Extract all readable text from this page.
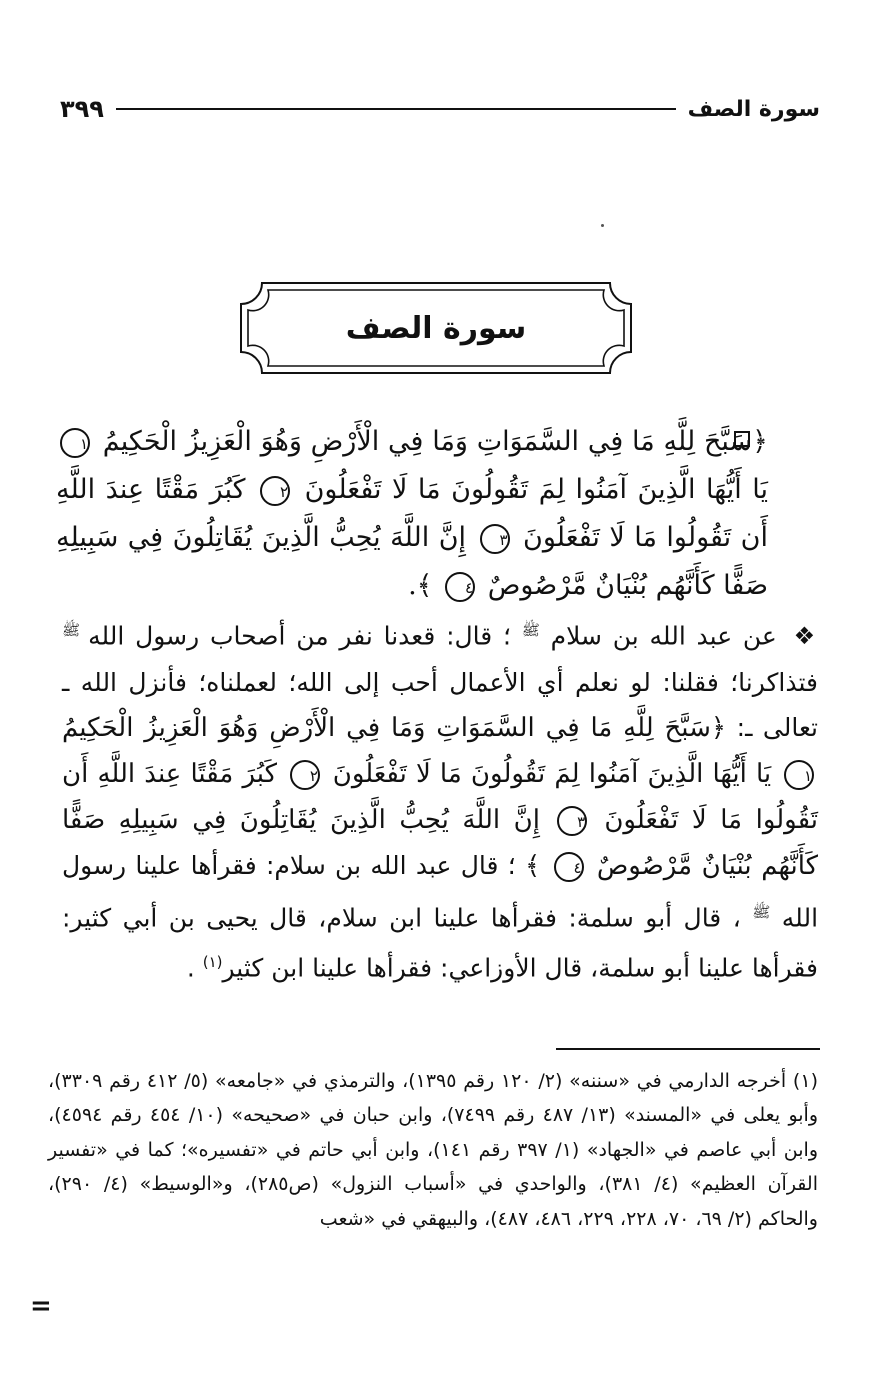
سورة الصف
٣٩٩
سورة الصف
﴿سَبَّحَ لِلَّهِ مَا فِي السَّمَوَاتِ وَمَا فِي الْأَرْضِ وَهُوَ الْعَزِيزُ الْحَكِيمُ ١ يَا أَيُّهَا الَّذِينَ آمَنُوا لِمَ تَقُولُونَ مَا لَا تَفْعَلُونَ ٢ كَبُرَ مَقْتًا عِندَ اللَّهِ أَن تَقُولُوا مَا لَا تَفْعَلُونَ ٣ إِنَّ اللَّهَ يُحِبُّ الَّذِينَ يُقَاتِلُونَ فِي سَبِيلِهِ صَفًّا كَأَنَّهُم بُنْيَانٌ مَّرْصُوصٌ ٤ ﴾.
❖ عن عبد الله بن سلام $^ﷺ$ ؛ قال: قعدنا نفر من أصحاب رسول الله $^ﷺ$ فتذاكرنا؛ فقلنا: لو نعلم أي الأعمال أحب إلى الله؛ لعملناه؛ فأنزل الله ـ تعالى ـ: ﴿سَبَّحَ لِلَّهِ مَا فِي السَّمَوَاتِ وَمَا فِي الْأَرْضِ وَهُوَ الْعَزِيزُ الْحَكِيمُ ١ يَا أَيُّهَا الَّذِينَ آمَنُوا لِمَ تَقُولُونَ مَا لَا تَفْعَلُونَ ٢ كَبُرَ مَقْتًا عِندَ اللَّهِ أَن تَقُولُوا مَا لَا تَفْعَلُونَ ٣ إِنَّ اللَّهَ يُحِبُّ الَّذِينَ يُقَاتِلُونَ فِي سَبِيلِهِ صَفًّا كَأَنَّهُم بُنْيَانٌ مَّرْصُوصٌ ٤ ﴾ ؛ قال عبد الله بن سلام: فقرأها علينا رسول الله $^ﷺ$ ، قال أبو سلمة: فقرأها علينا ابن سلام، قال يحيى بن أبي كثير: فقرأها علينا أبو سلمة، قال الأوزاعي: فقرأها علينا ابن كثير$^{(١)}$ .
(١) أخرجه الدارمي في «سننه» (٢/ ١٢٠ رقم ١٣٩٥)، والترمذي في «جامعه» (٥/ ٤١٢ رقم ٣٣٠٩)، وأبو يعلى في «المسند» (١٣/ ٤٨٧ رقم ٧٤٩٩)، وابن حبان في «صحيحه» (١٠/ ٤٥٤ رقم ٤٥٩٤)، وابن أبي عاصم في «الجهاد» (١/ ٣٩٧ رقم ١٤١)، وابن أبي حاتم في «تفسيره»؛ كما في «تفسير القرآن العظيم» (٤/ ٣٨١)، والواحدي في «أسباب النزول» (ص٢٨٥)، و«الوسيط» (٤/ ٢٩٠)، والحاكم (٢/ ٦٩، ٧٠، ٢٢٨، ٢٢٩، ٤٨٦، ٤٨٧)، والبيهقي في «شعب
=
